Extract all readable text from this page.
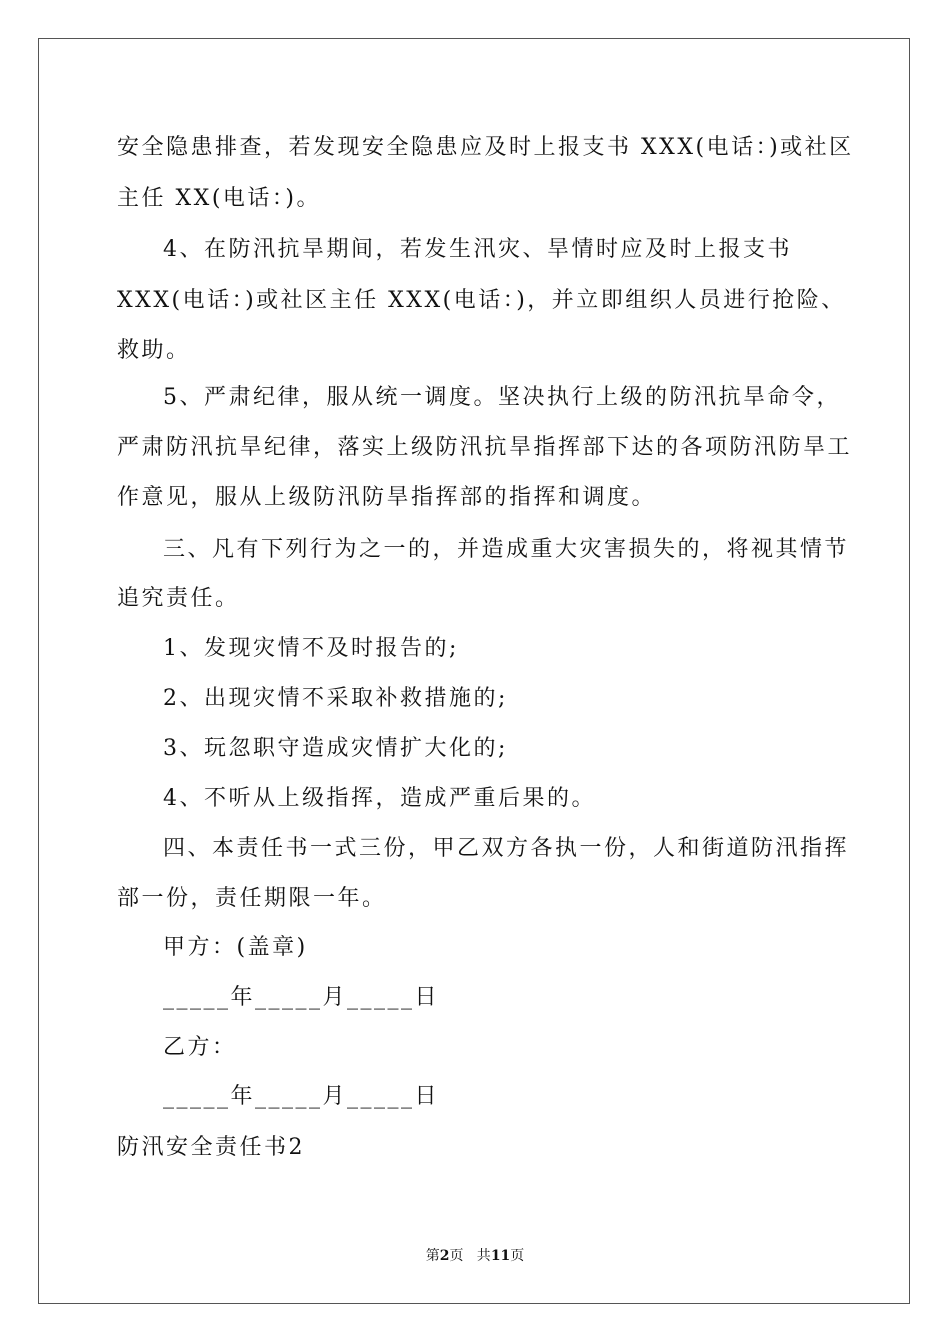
安全隐患排查，若发现安全隐患应及时上报支书 XXX(电话：)或社区
主任 XX(电话：)。
4、在防汛抗旱期间，若发生汛灾、旱情时应及时上报支书
XXX(电话：)或社区主任 XXX(电话：)，并立即组织人员进行抢险、
救助。
5、严肃纪律，服从统一调度。坚决执行上级的防汛抗旱命令，
严肃防汛抗旱纪律，落实上级防汛抗旱指挥部下达的各项防汛防旱工
作意见，服从上级防汛防旱指挥部的指挥和调度。
三、凡有下列行为之一的，并造成重大灾害损失的，将视其情节
追究责任。
1、发现灾情不及时报告的;
2、出现灾情不采取补救措施的;
3、玩忽职守造成灾情扩大化的;
4、不听从上级指挥，造成严重后果的。
四、本责任书一式三份，甲乙双方各执一份，人和街道防汛指挥
部一份，责任期限一年。
甲方：(盖章)
_____年_____月_____日
乙方：
_____年_____月_____日
防汛安全责任书2
第2页   共11页
